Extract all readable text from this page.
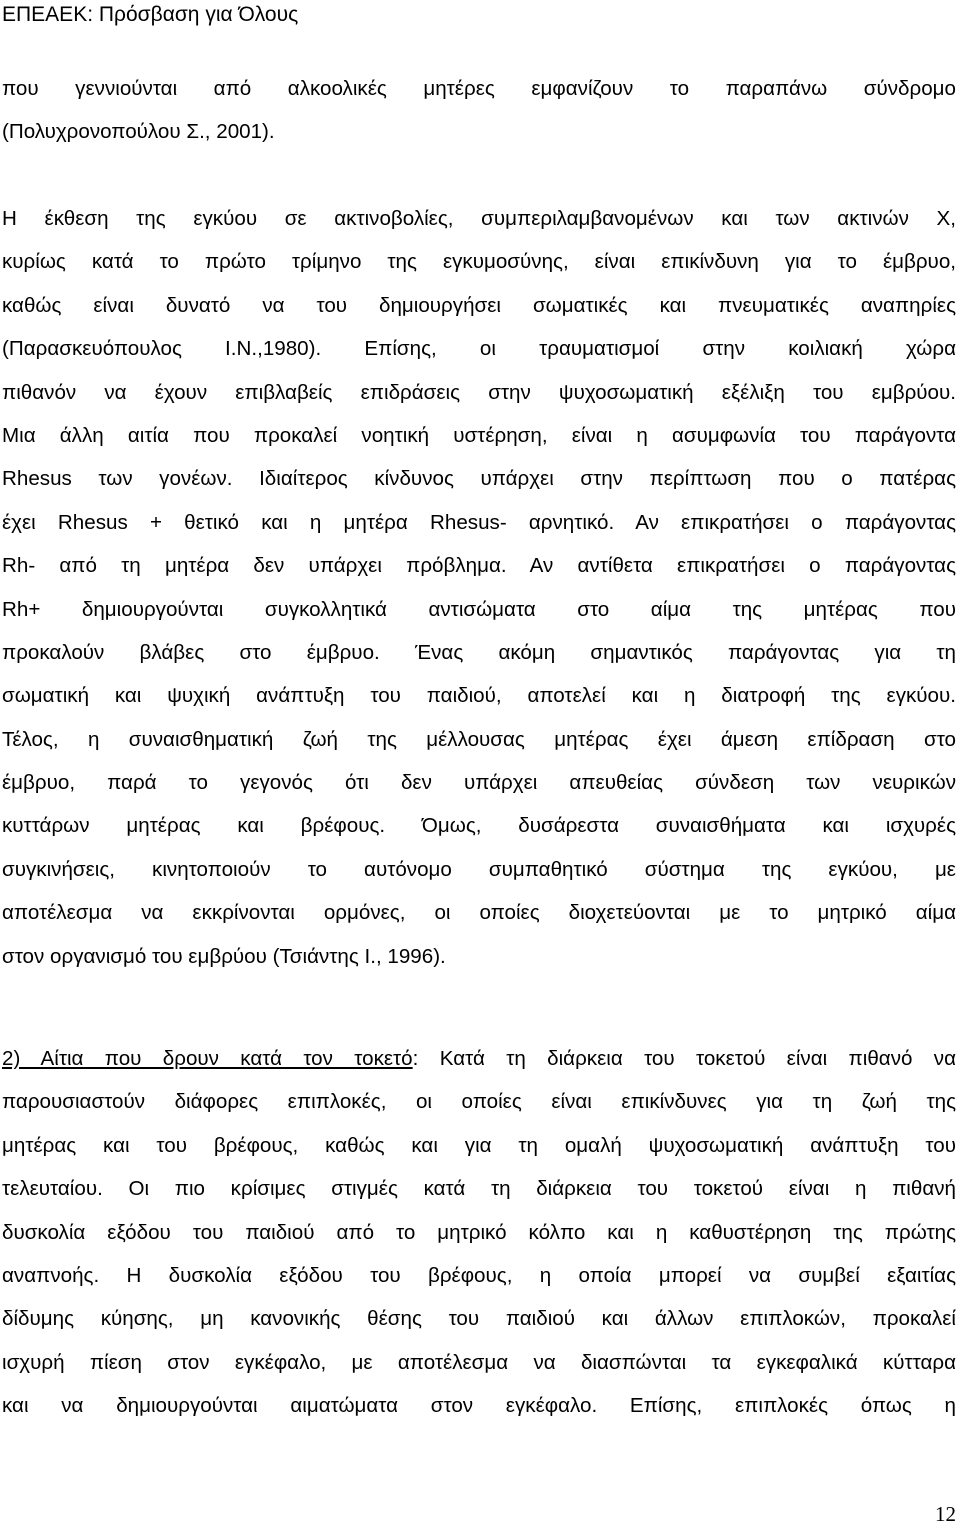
ΕΠΕΑΕΚ: Πρόσβαση για Όλους
που γεννιούνται από αλκοολικές μητέρες εμφανίζουν το παραπάνω σύνδρομο
(Πολυχρονοπούλου Σ., 2001).
Η έκθεση της εγκύου σε ακτινοβολίες, συμπεριλαμβανομένων και των ακτινών Χ,
κυρίως κατά το πρώτο τρίμηνο της εγκυμοσύνης, είναι επικίνδυνη για το έμβρυο,
καθώς είναι δυνατό να του δημιουργήσει σωματικές και πνευματικές αναπηρίες
(Παρασκευόπουλος Ι.Ν.,1980). Επίσης, οι τραυματισμοί στην κοιλιακή χώρα
πιθανόν να έχουν επιβλαβείς επιδράσεις στην ψυχοσωματική εξέλιξη του εμβρύου.
Μια άλλη αιτία που προκαλεί νοητική υστέρηση, είναι η ασυμφωνία του παράγοντα
Rhesus των γονέων. Ιδιαίτερος κίνδυνος υπάρχει στην περίπτωση που ο πατέρας
έχει Rhesus + θετικό και η μητέρα Rhesus- αρνητικό. Αν επικρατήσει ο παράγοντας
Rh- από τη μητέρα δεν υπάρχει πρόβλημα. Αν αντίθετα επικρατήσει ο παράγοντας
Rh+ δημιουργούνται συγκολλητικά αντισώματα στο αίμα της μητέρας που
προκαλούν βλάβες στο έμβρυο. Ένας ακόμη σημαντικός παράγοντας για τη
σωματική και ψυχική ανάπτυξη του παιδιού, αποτελεί και η διατροφή της εγκύου.
Τέλος, η συναισθηματική ζωή της μέλλουσας μητέρας έχει άμεση επίδραση στο
έμβρυο, παρά το γεγονός ότι δεν υπάρχει απευθείας σύνδεση των νευρικών
κυττάρων μητέρας και βρέφους. Όμως, δυσάρεστα συναισθήματα και ισχυρές
συγκινήσεις, κινητοποιούν το αυτόνομο συμπαθητικό σύστημα της εγκύου, με
αποτέλεσμα να εκκρίνονται ορμόνες, οι οποίες διοχετεύονται με το μητρικό αίμα
στον οργανισμό του εμβρύου (Τσιάντης Ι., 1996).
2) Αίτια που δρουν κατά τον τοκετό: Κατά τη διάρκεια του τοκετού είναι πιθανό να
παρουσιαστούν διάφορες επιπλοκές, οι οποίες είναι επικίνδυνες για τη ζωή της
μητέρας και του βρέφους, καθώς και για τη ομαλή ψυχοσωματική ανάπτυξη του
τελευταίου. Οι πιο κρίσιμες στιγμές κατά τη διάρκεια του τοκετού είναι η πιθανή
δυσκολία εξόδου του παιδιού από το μητρικό κόλπο και η καθυστέρηση της πρώτης
αναπνοής. Η δυσκολία εξόδου του βρέφους, η οποία μπορεί να συμβεί εξαιτίας
δίδυμης κύησης, μη κανονικής θέσης του παιδιού και άλλων επιπλοκών, προκαλεί
ισχυρή πίεση στον εγκέφαλο, με αποτέλεσμα να διασπώνται τα εγκεφαλικά κύτταρα
και να δημιουργούνται αιματώματα στον εγκέφαλο. Επίσης, επιπλοκές όπως η
12
